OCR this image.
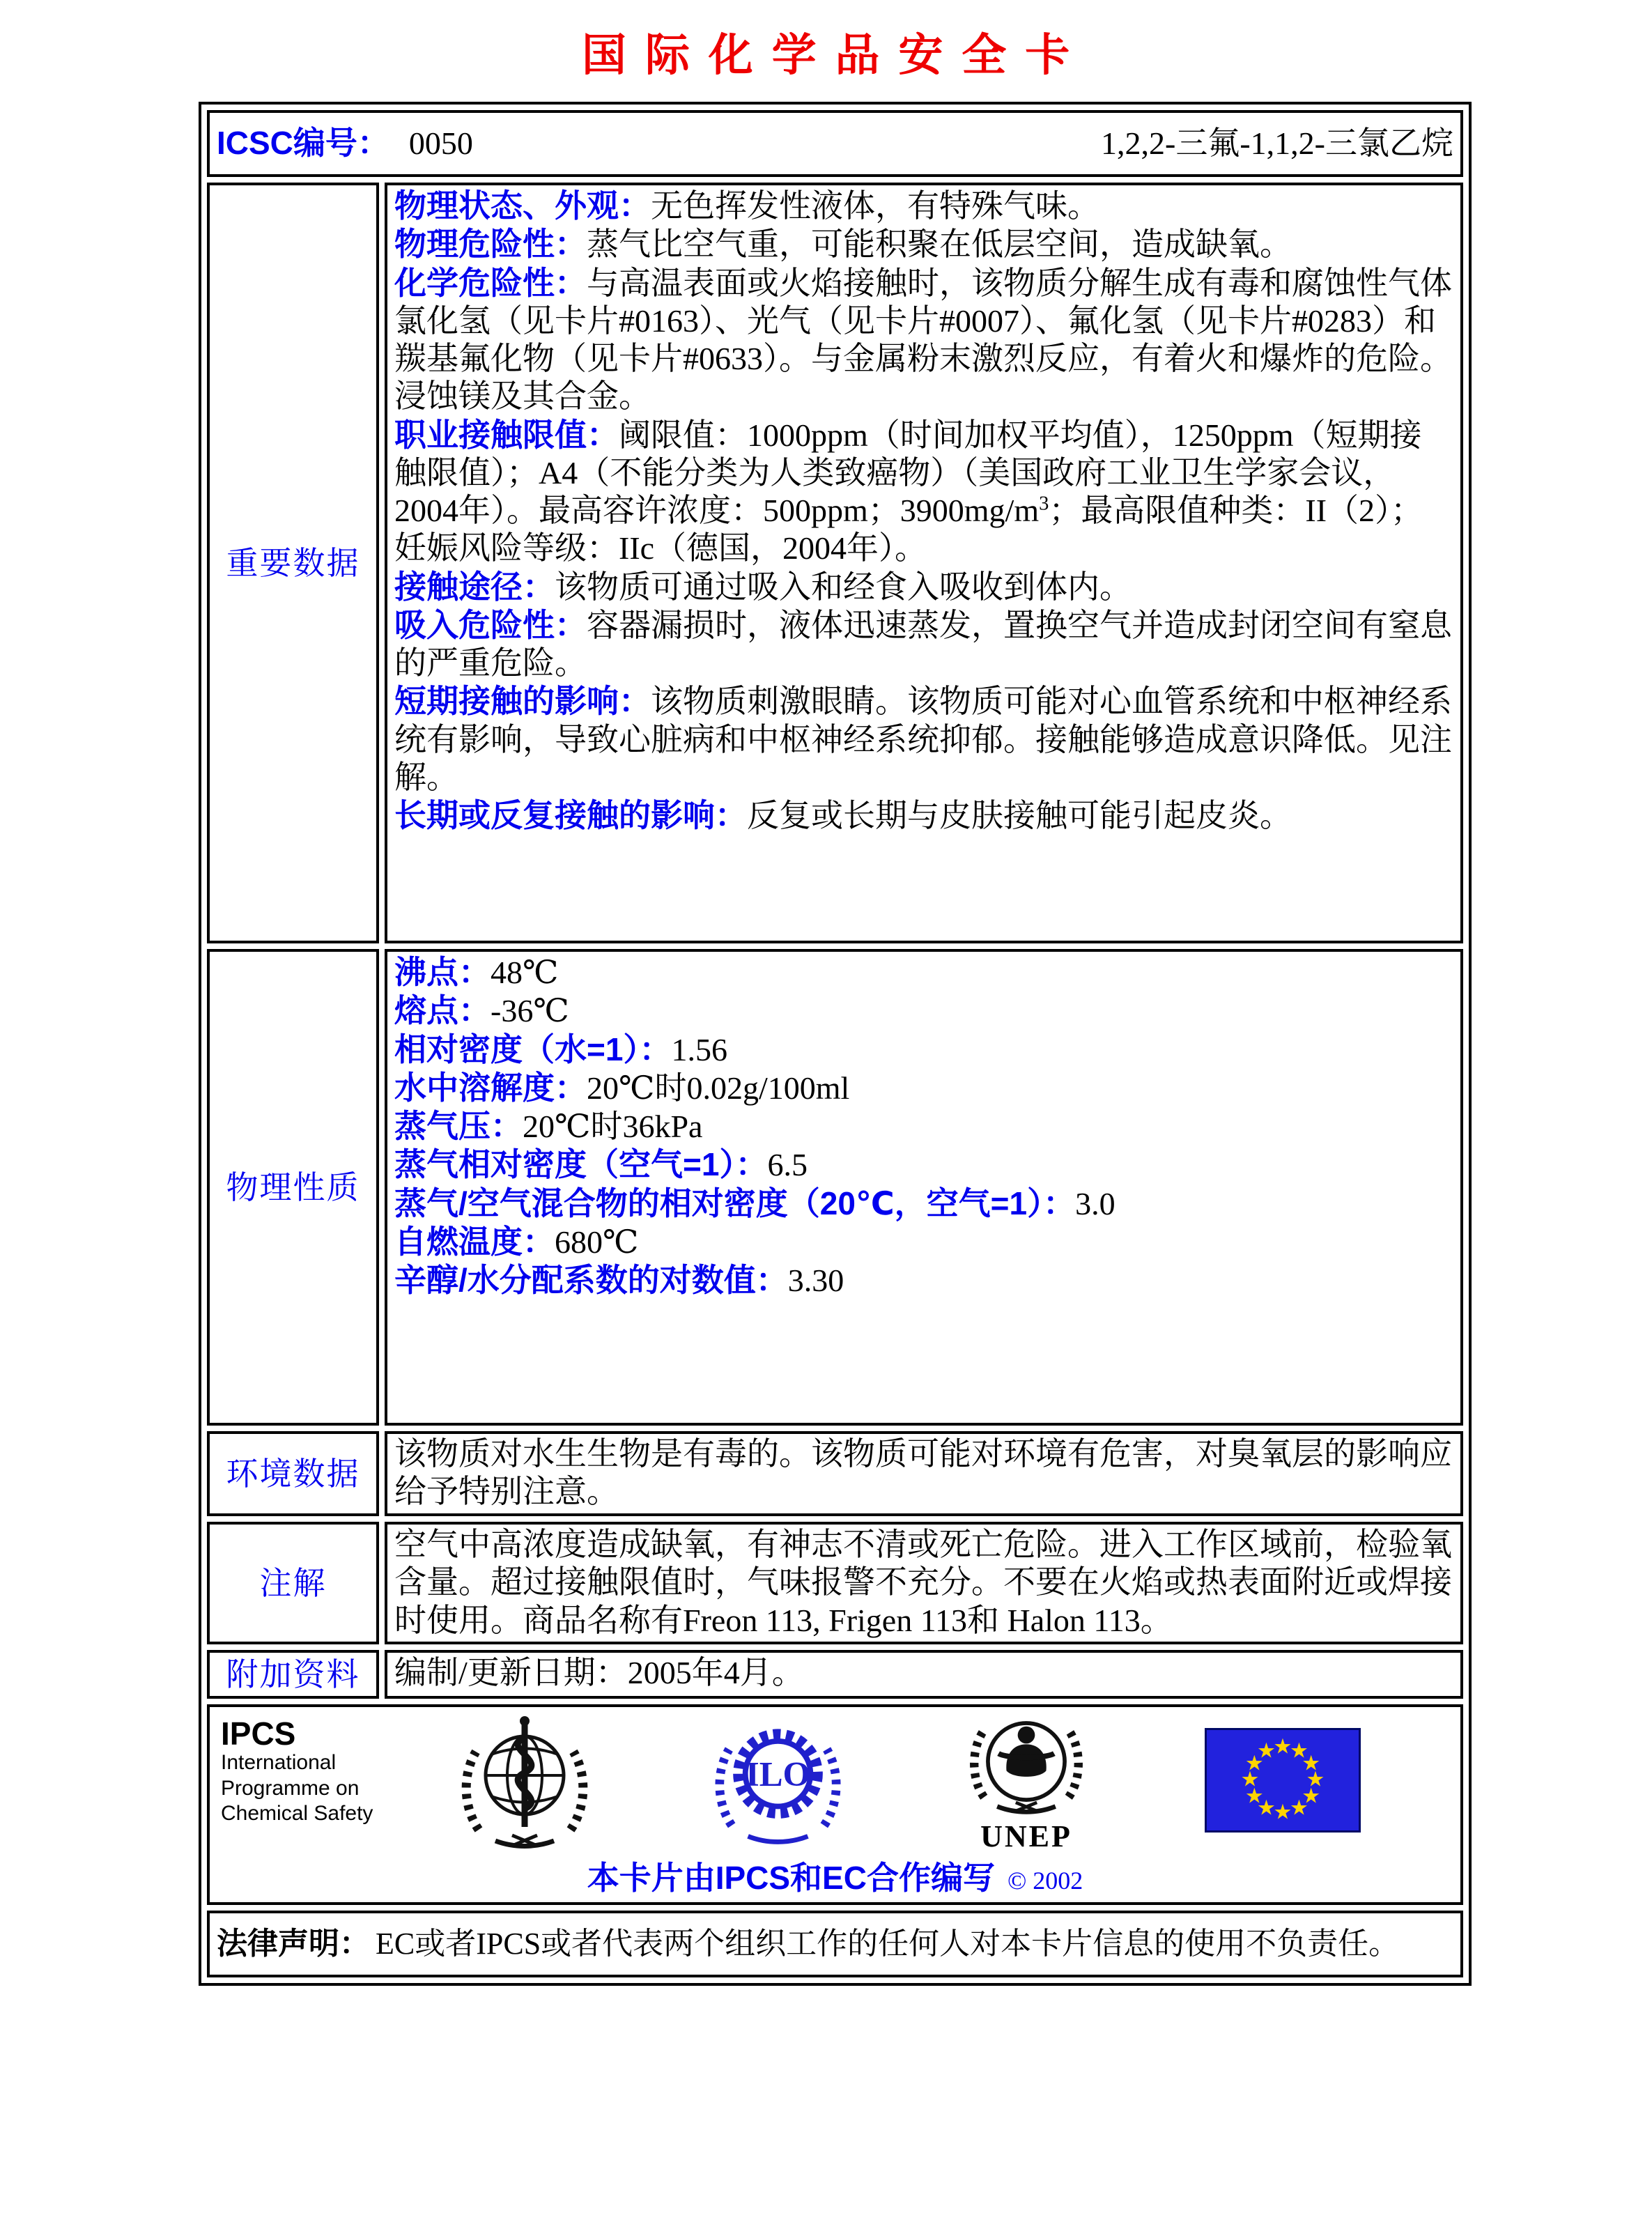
国际化学品安全卡
ICSC编号： 0050 1,2,2-三氟-1,1,2-三氯乙烷	

重要数据	
物理状态、外观：无色挥发性液体，有特殊气味。
物理危险性：蒸气比空气重，可能积聚在低层空间，造成缺氧。
化学危险性：与高温表面或火焰接触时，该物质分解生成有毒和腐蚀性气体氯化氢（见卡片#0163）、光气（见卡片#0007）、氟化氢（见卡片#0283）和羰基氟化物（见卡片#0633）。与金属粉末激烈反应，有着火和爆炸的危险。浸蚀镁及其合金。
职业接触限值：阈限值：1000ppm（时间加权平均值），1250ppm（短期接触限值）；A4（不能分类为人类致癌物）（美国政府工业卫生学家会议，2004年）。最高容许浓度：500ppm；$3900mg/m^3$；最高限值种类：II（2）；妊娠风险等级：IIc（德国，2004年）。
接触途径：该物质可通过吸入和经食入吸收到体内。
吸入危险性：容器漏损时，液体迅速蒸发，置换空气并造成封闭空间有窒息的严重危险。
短期接触的影响：该物质刺激眼睛。该物质可能对心血管系统和中枢神经系统有影响，导致心脏病和中枢神经系统抑郁。接触能够造成意识降低。见注解。
长期或反复接触的影响：反复或长期与皮肤接触可能引起皮炎。

物理性质	
沸点：48℃
熔点：-36℃
相对密度（水=1）：1.56
水中溶解度：20℃时0.02g/100ml
蒸气压：20℃时36kPa
蒸气相对密度（空气=1）：6.5
蒸气/空气混合物的相对密度（20℃，空气=1）：3.0
自燃温度：680℃
辛醇/水分配系数的对数值：3.30

环境数据	该物质对水生生物是有毒的。该物质可能对环境有危害，对臭氧层的影响应给予特别注意。
注解	空气中高浓度造成缺氧，有神志不清或死亡危险。进入工作区域前，检验氧含量。超过接触限值时，气味报警不充分。不要在火焰或热表面附近或焊接时使用。商品名称有Freon 113, Frigen 113和 Halon 113。
附加资料	编制/更新日期：2005年4月。

IPCS
International
Programme on
Chemical Safety
ILO
UNEP
★
★
★
★
★
★
★
★
★
★
★
★
本卡片由IPCS和EC合作编写 © 2002

法律声明： EC或者IPCS或者代表两个组织工作的任何人对本卡片信息的使用不负责任。	
